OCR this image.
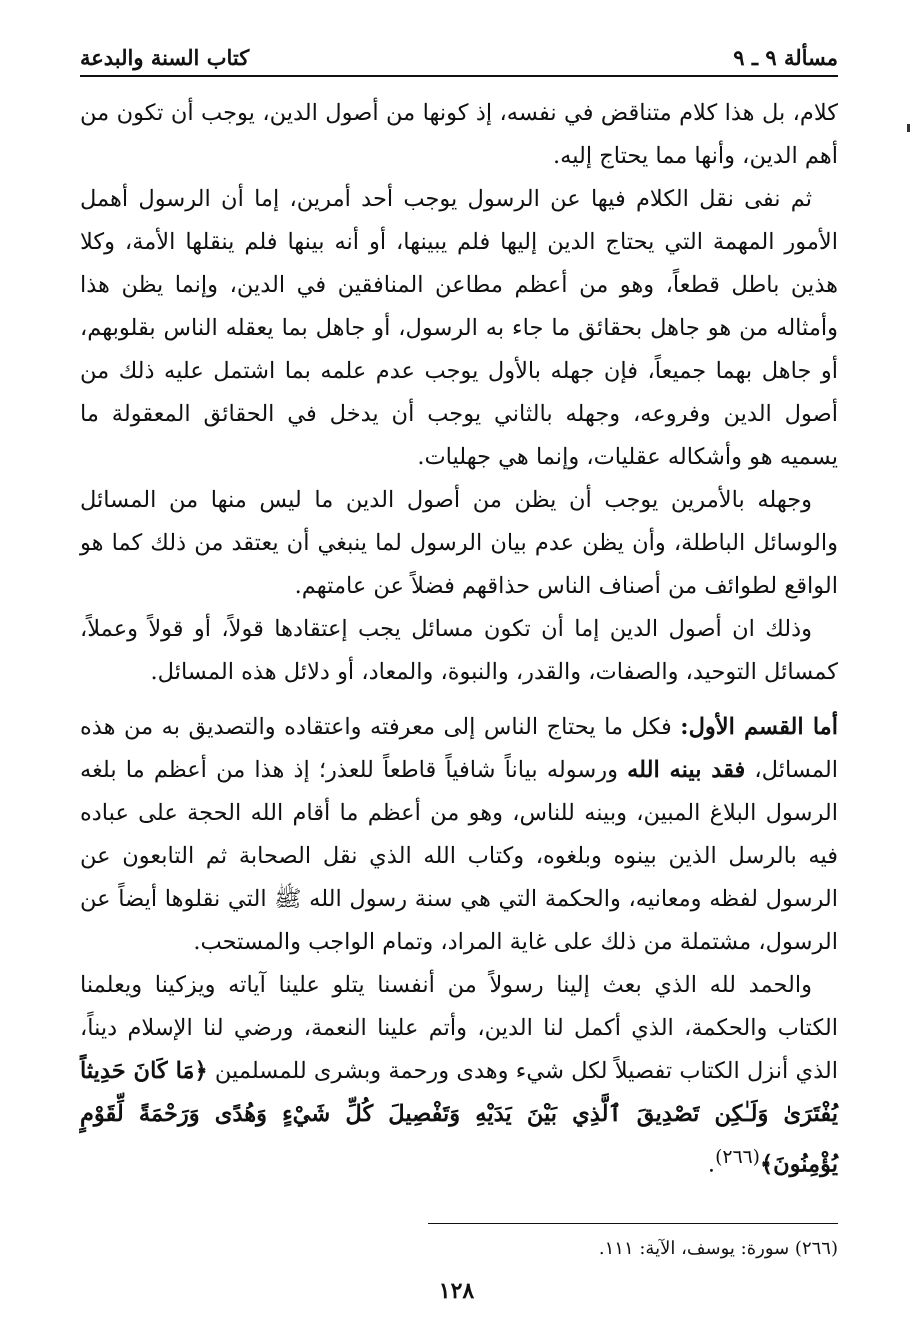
مسألة ٩ ـ ٩
كتاب السنة والبدعة

كلام، بل هذا كلام متناقض في نفسه، إذ كونها من أصول الدين، يوجب أن تكون من أهم الدين، وأنها مما يحتاج إليه.

ثم نفى نقل الكلام فيها عن الرسول يوجب أحد أمرين، إما أن الرسول أهمل الأمور المهمة التي يحتاج الدين إليها فلم يبينها، أو أنه بينها فلم ينقلها الأمة، وكلا هذين باطل قطعاً، وهو من أعظم مطاعن المنافقين في الدين، وإنما يظن هذا وأمثاله من هو جاهل بحقائق ما جاء به الرسول، أو جاهل بما يعقله الناس بقلوبهم، أو جاهل بهما جميعاً، فإن جهله بالأول يوجب عدم علمه بما اشتمل عليه ذلك من أصول الدين وفروعه، وجهله بالثاني يوجب أن يدخل في الحقائق المعقولة ما يسميه هو وأشكاله عقليات، وإنما هي جهليات.

وجهله بالأمرين يوجب أن يظن من أصول الدين ما ليس منها من المسائل والوسائل الباطلة، وأن يظن عدم بيان الرسول لما ينبغي أن يعتقد من ذلك كما هو الواقع لطوائف من أصناف الناس حذاقهم فضلاً عن عامتهم.

وذلك ان أصول الدين إما أن تكون مسائل يجب إعتقادها قولاً، أو قولاً وعملاً، كمسائل التوحيد، والصفات، والقدر، والنبوة، والمعاد، أو دلائل هذه المسائل.

أما القسم الأول: فكل ما يحتاج الناس إلى معرفته واعتقاده والتصديق به من هذه المسائل، فقد بينه الله ورسوله بياناً شافياً قاطعاً للعذر؛ إذ هذا من أعظم ما بلغه الرسول البلاغ المبين، وبينه للناس، وهو من أعظم ما أقام الله الحجة على عباده فيه بالرسل الذين بينوه وبلغوه، وكتاب الله الذي نقل الصحابة ثم التابعون عن الرسول لفظه ومعانيه، والحكمة التي هي سنة رسول الله ﷺ التي نقلوها أيضاً عن الرسول، مشتملة من ذلك على غاية المراد، وتمام الواجب والمستحب.

والحمد لله الذي بعث إلينا رسولاً من أنفسنا يتلو علينا آياته ويزكينا ويعلمنا الكتاب والحكمة، الذي أكمل لنا الدين، وأتم علينا النعمة، ورضي لنا الإسلام ديناً، الذي أنزل الكتاب تفصيلاً لكل شيء وهدى ورحمة وبشرى للمسلمين ﴿مَا كَانَ حَدِيثاً يُفْتَرَىٰ وَلَـٰكِن تَصْدِيقَ ٱلَّذِي بَيْنَ يَدَيْهِ وَتَفْصِيلَ كُلِّ شَيْءٍ وَهُدًى وَرَحْمَةً لِّقَوْمٍ يُؤْمِنُونَ﴾$^{(٢٦٦)}$.

(٢٦٦) سورة: يوسف، الآية: ١١١.
١٢٨
